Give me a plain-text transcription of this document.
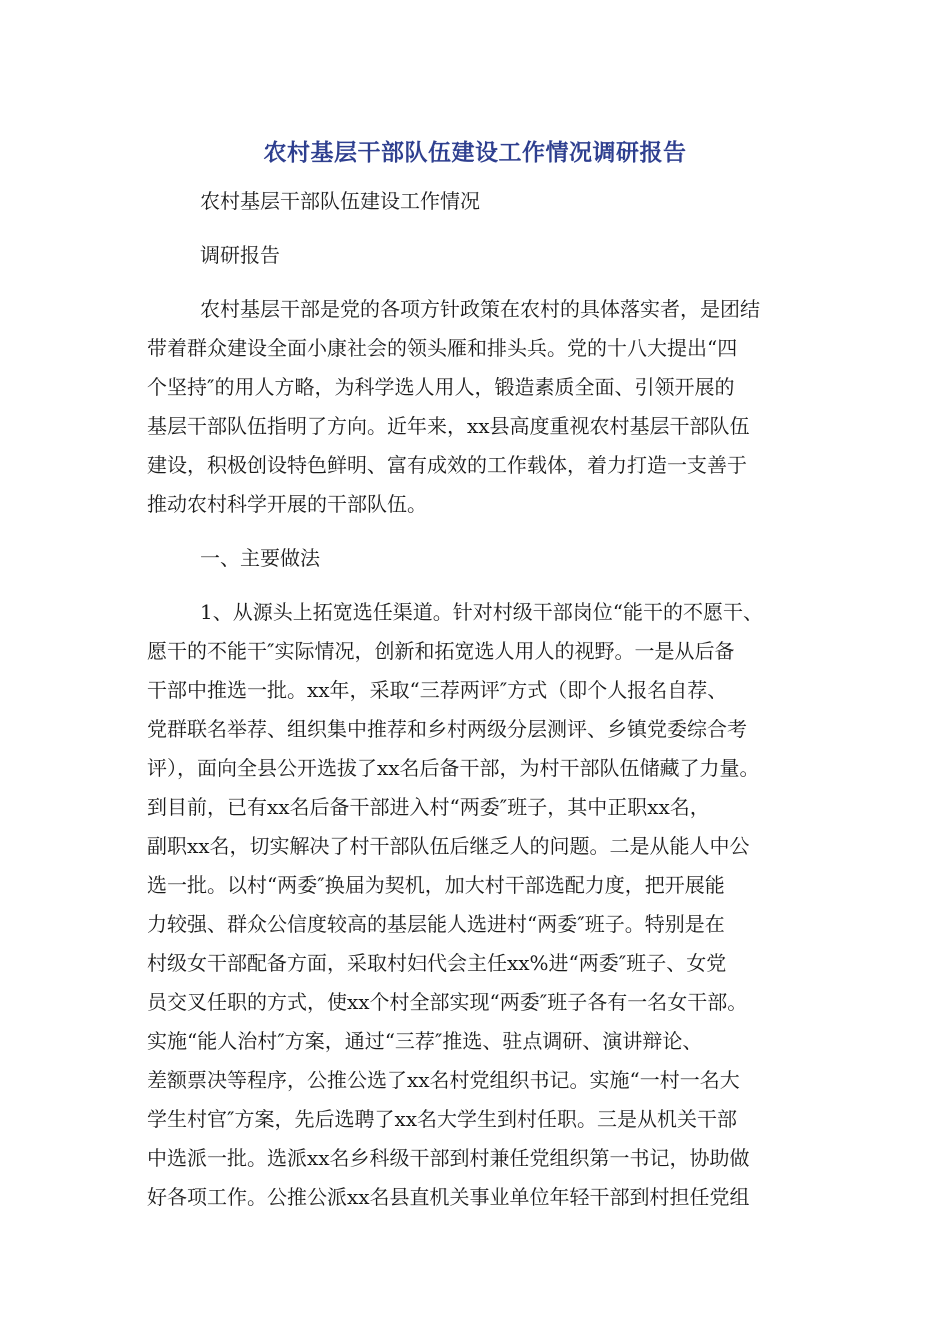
农村基层干部队伍建设工作情况调研报告
农村基层干部队伍建设工作情况
调研报告
农村基层干部是党的各项方针政策在农村的具体落实者，是团结
带着群众建设全面小康社会的领头雁和排头兵。党的十八大提出“四
个坚持″的用人方略，为科学选人用人，锻造素质全面、引领开展的
基层干部队伍指明了方向。近年来，xx县高度重视农村基层干部队伍
建设，积极创设特色鲜明、富有成效的工作载体，着力打造一支善于
推动农村科学开展的干部队伍。
一、主要做法
1、从源头上拓宽选任渠道。针对村级干部岗位“能干的不愿干、
愿干的不能干″实际情况，创新和拓宽选人用人的视野。一是从后备
干部中推选一批。xx年，采取“三荐两评″方式（即个人报名自荐、
党群联名举荐、组织集中推荐和乡村两级分层测评、乡镇党委综合考
评），面向全县公开选拔了xx名后备干部，为村干部队伍储藏了力量。
到目前，已有xx名后备干部进入村“两委″班子，其中正职xx名，
副职xx名，切实解决了村干部队伍后继乏人的问题。二是从能人中公
选一批。以村“两委″换届为契机，加大村干部选配力度，把开展能
力较强、群众公信度较高的基层能人选进村“两委″班子。特别是在
村级女干部配备方面，采取村妇代会主任xx%进“两委″班子、女党
员交叉任职的方式，使xx个村全部实现“两委″班子各有一名女干部。
实施“能人治村″方案，通过“三荐″推选、驻点调研、演讲辩论、
差额票决等程序，公推公选了xx名村党组织书记。实施“一村一名大
学生村官″方案，先后选聘了xx名大学生到村任职。三是从机关干部
中选派一批。选派xx名乡科级干部到村兼任党组织第一书记，协助做
好各项工作。公推公派xx名县直机关事业单位年轻干部到村担任党组
